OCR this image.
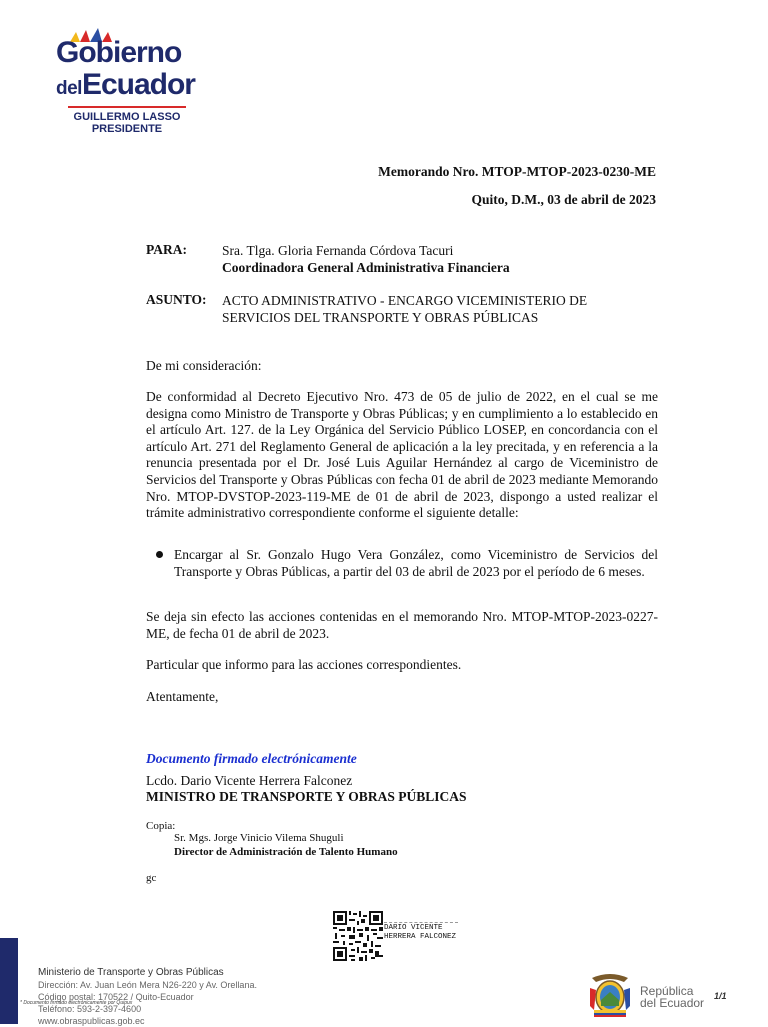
Gobierno
delEcuador
GUILLERMO LASSO
PRESIDENTE
Memorando Nro. MTOP-MTOP-2023-0230-ME
Quito, D.M., 03 de abril de 2023
PARA:	Sra. Tlga. Gloria Fernanda Córdova Tacuri
Coordinadora General Administrativa Financiera
ASUNTO: ACTO ADMINISTRATIVO - ENCARGO VICEMINISTERIO DE
SERVICIOS DEL TRANSPORTE Y OBRAS PÚBLICAS
De mi consideración:
De conformidad al Decreto Ejecutivo Nro. 473 de 05 de julio de 2022, en el cual se me designa como Ministro de Transporte y Obras Públicas; y en cumplimiento a lo establecido en el artículo Art. 127. de la Ley Orgánica del Servicio Público LOSEP, en concordancia con el artículo Art. 271 del Reglamento General de aplicación a la ley precitada, y en referencia a la renuncia presentada por el Dr. José Luis Aguilar Hernández al cargo de Viceministro de Servicios del Transporte y Obras Públicas con fecha 01 de abril de 2023 mediante Memorando Nro. MTOP-DVSTOP-2023-119-ME de 01 de abril de 2023, dispongo a usted realizar el trámite administrativo correspondiente conforme el siguiente detalle:
Encargar al Sr. Gonzalo Hugo Vera González, como Viceministro de Servicios del Transporte y Obras Públicas, a partir del 03 de abril de 2023 por el período de 6 meses.
Se deja sin efecto las acciones contenidas en el memorando Nro. MTOP-MTOP-2023-0227-ME, de fecha 01 de abril de 2023.
Particular que informo para las acciones correspondientes.
Atentamente,
Documento firmado electrónicamente
Lcdo. Dario Vicente Herrera Falconez
MINISTRO DE TRANSPORTE Y OBRAS PÚBLICAS
Copia:
Sr. Mgs. Jorge Vinicio Vilema Shuguli
Director de Administración de Talento Humano
gc
DARIO VICENTE
HERRERA FALCONEZ
Ministerio de Transporte y Obras Públicas
Dirección: Av. Juan León Mera N26-220 y Av. Orellana.
Código postal: 170522 / Quito-Ecuador
Teléfono: 593-2-397-4600
www.obraspublicas.gob.ec
* Documento firmado electrónicamente por Quipux
República
del Ecuador 1/1
